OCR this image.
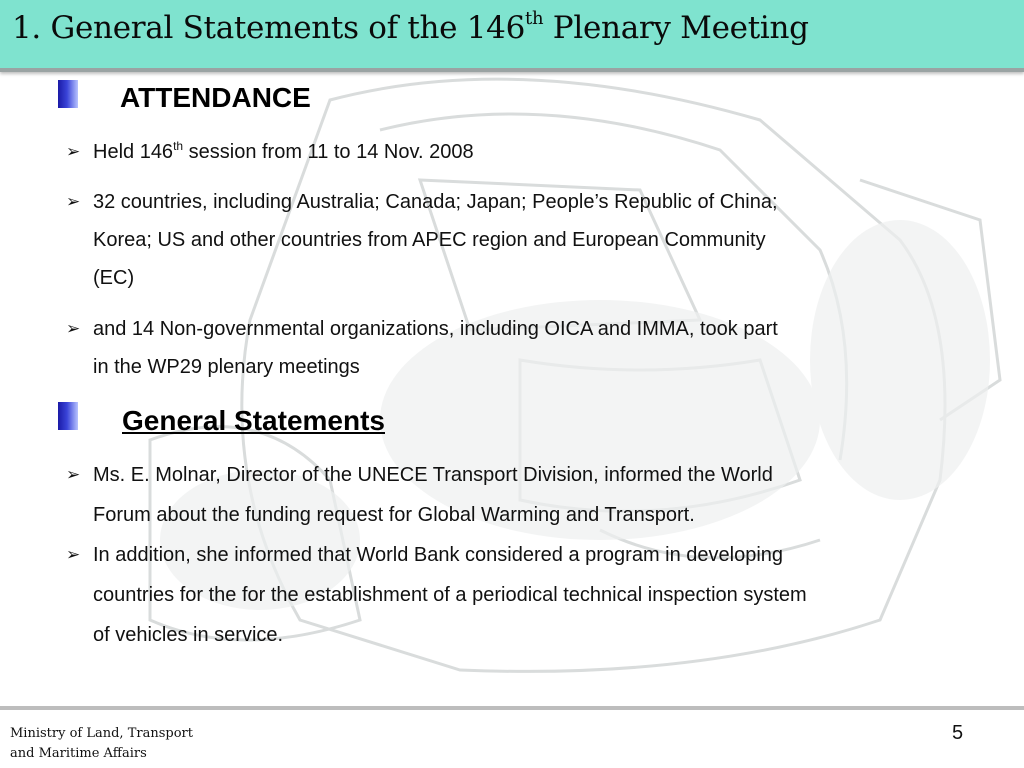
1. General Statements of the 146th Plenary Meeting
ATTENDANCE
➢ Held 146th session from 11 to 14 Nov. 2008
➢ 32 countries, including Australia; Canada; Japan; People’s Republic of China;
Korea; US and other countries from APEC region and European Community
(EC)
➢ and 14 Non-governmental organizations, including OICA and IMMA, took part
in the WP29 plenary meetings
General Statements
➢ Ms. E. Molnar, Director of the UNECE Transport Division, informed the World
Forum about the funding request for Global Warming and Transport.
➢ In addition, she informed that World Bank considered a program in developing
countries for the for the establishment of a periodical technical inspection system
of vehicles in service.
Ministry of Land, Transport
and Maritime Affairs
5
